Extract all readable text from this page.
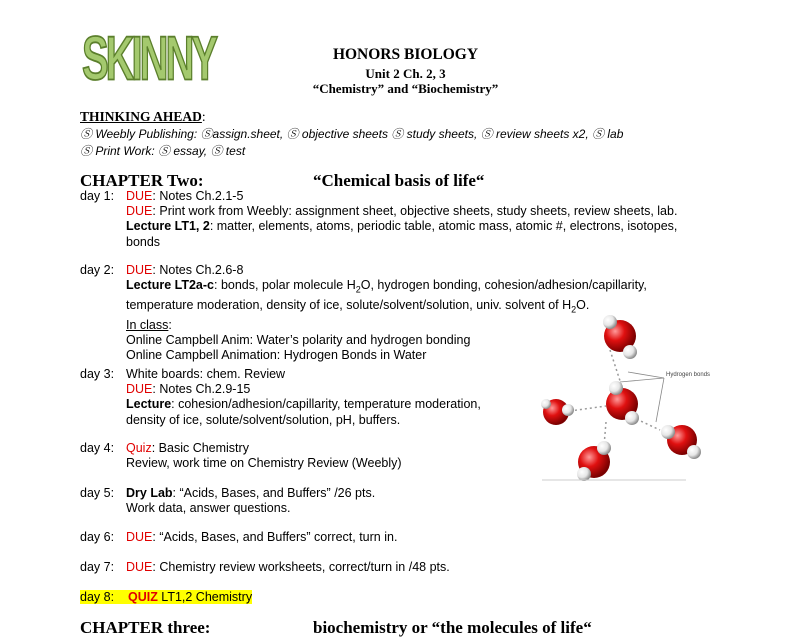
SKINNY	HONORS BIOLOGY
Unit 2 Ch. 2, 3
“Chemistry” and “Biochemistry”
THINKING AHEAD:
Ⓢ Weebly Publishing: Ⓢassign.sheet, Ⓢ objective sheets Ⓢ study sheets, Ⓢ review sheets x2, Ⓢ lab
Ⓢ Print Work: Ⓢ essay, Ⓢ test
CHAPTER Two:	“Chemical basis of life“
day 1: DUE: Notes Ch.2.1-5
DUE: Print work from Weebly: assignment sheet, objective sheets, study sheets, review sheets, lab.
Lecture LT1, 2: matter, elements, atoms, periodic table, atomic mass, atomic #, electrons, isotopes,
bonds
day 2: DUE: Notes Ch.2.6-8
Lecture LT2a-c: bonds, polar molecule $H_2O$, hydrogen bonding, cohesion/adhesion/capillarity,
temperature moderation, density of ice, solute/solvent/solution, univ. solvent of $H_2O$.
In class:
Online Campbell Anim: Water’s polarity and hydrogen bonding
Online Campbell Animation: Hydrogen Bonds in Water
day 3: White boards: chem. Review
DUE: Notes Ch.2.9-15
Lecture: cohesion/adhesion/capillarity, temperature moderation,
density of ice, solute/solvent/solution, pH, buffers.
day 4: Quiz: Basic Chemistry
Review, work time on Chemistry Review (Weebly)
day 5: Dry Lab: “Acids, Bases, and Buffers” /26 pts.
Work data, answer questions.
day 6: DUE: “Acids, Bases, and Buffers” correct, turn in.
day 7: DUE: Chemistry review worksheets, correct/turn in /48 pts.
day 8: QUIZ LT1,2 Chemistry
CHAPTER three:	biochemistry or “the molecules of life“
Hydrogen bonds
